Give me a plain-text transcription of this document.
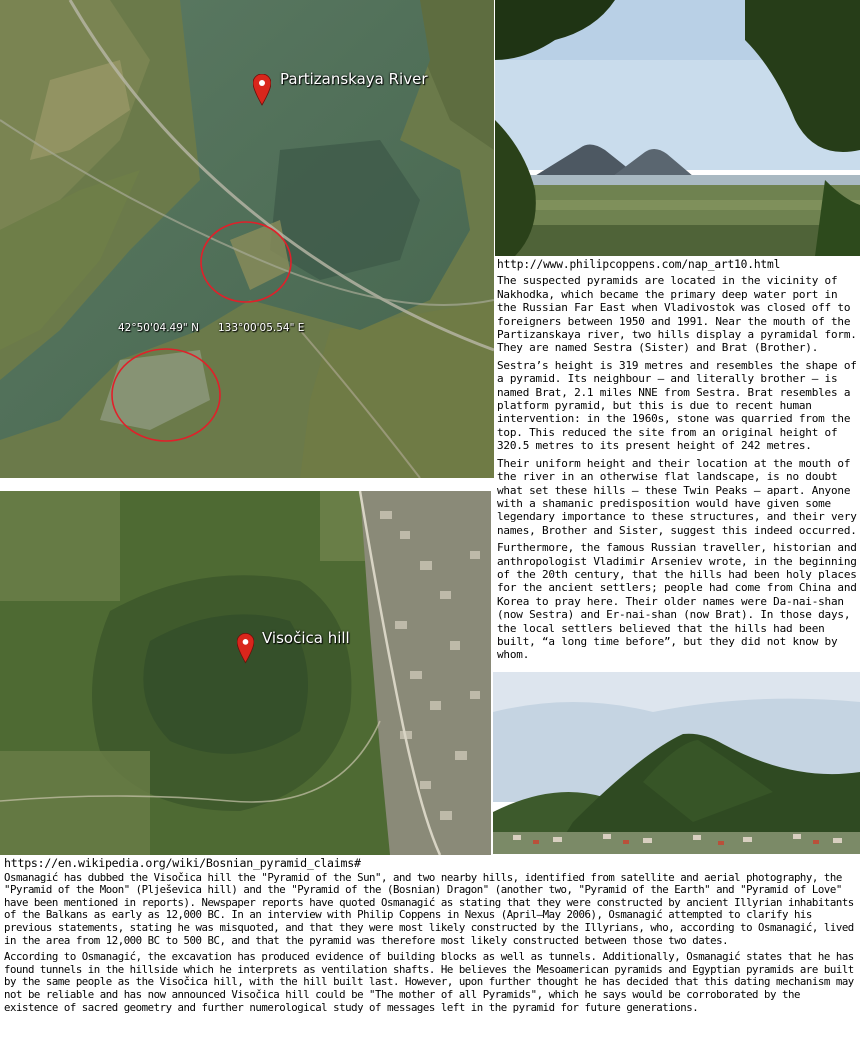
Partizanskaya River
42°50'04.49" N 133°00'05.54" E
http://www.philipcoppens.com/nap_art10.html

The suspected pyramids are located in the vicinity of Nakhodka, which became the primary deep water port in the Russian Far East when Vladivostok was closed off to foreigners between 1950 and 1991. Near the mouth of the Partizanskaya river, two hills display a pyramidal form. They are named Sestra (Sister) and Brat (Brother).

Sestra’s height is 319 metres and resembles the shape of a pyramid. Its neighbour – and literally brother – is named Brat, 2.1 miles NNE from Sestra. Brat resembles a platform pyramid, but this is due to recent human intervention: in the 1960s, stone was quarried from the top. This reduced the site from an original height of 320.5 metres to its present height of 242 metres.

Their uniform height and their location at the mouth of the river in an otherwise flat landscape, is no doubt what set these hills – these Twin Peaks – apart. Anyone with a shamanic predisposition would have given some legendary importance to these structures, and their very names, Brother and Sister, suggest this indeed occurred.

Furthermore, the famous Russian traveller, historian and anthropologist Vladimir Arseniev wrote, in the beginning of the 20th century, that the hills had been holy places for the ancient settlers; people had come from China and Korea to pray here. Their older names were Da-nai-shan (now Sestra) and Er-nai-shan (now Brat). In those days, the local settlers believed that the hills had been built, “a long time before”, but they did not know by whom.

Visočica hill
https://en.wikipedia.org/wiki/Bosnian_pyramid_claims#

Osmanagić has dubbed the Visočica hill the "Pyramid of the Sun", and two nearby hills, identified from satellite and aerial photography, the "Pyramid of the Moon" (Plješevica hill) and the "Pyramid of the (Bosnian) Dragon" (another two, "Pyramid of the Earth" and "Pyramid of Love" have been mentioned in reports). Newspaper reports have quoted Osmanagić as stating that they were constructed by ancient Illyrian inhabitants of the Balkans as early as 12,000 BC. In an interview with Philip Coppens in Nexus (April–May 2006), Osmanagić attempted to clarify his previous statements, stating he was misquoted, and that they were most likely constructed by the Illyrians, who, according to Osmanagić, lived in the area from 12,000 BC to 500 BC, and that the pyramid was therefore most likely constructed between those two dates.

According to Osmanagić, the excavation has produced evidence of building blocks as well as tunnels. Additionally, Osmanagić states that he has found tunnels in the hillside which he interprets as ventilation shafts. He believes the Mesoamerican pyramids and Egyptian pyramids are built by the same people as the Visočica hill, with the hill built last. However, upon further thought he has decided that this dating mechanism may not be reliable and has now announced Visočica hill could be "The mother of all Pyramids", which he says would be corroborated by the existence of sacred geometry and further numerological study of messages left in the pyramid for future generations.
